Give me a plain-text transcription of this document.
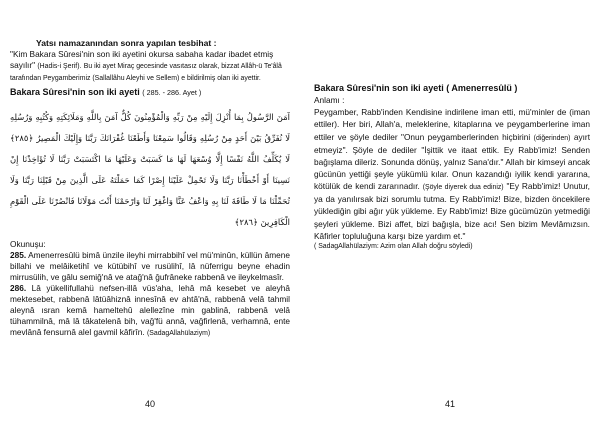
Yatsı namazanından sonra yapılan tesbihat :

"Kim Bakara Sûresi'nin son iki ayetini okursa sabaha kadar ibadet etmiş sayılır" (Hadis-i Şerif). Bu iki ayet Miraç gecesinde vasıtasız olarak, bizzat Allâh-ü Te'âlâ tarafından Peygamberimiz (Sallallâhu Aleyhi ve Sellem) e bildirilmiş olan iki ayettir.

Bakara Sûresi'nin son iki ayeti ( 285. - 286. Ayet )

آمَنَ الرَّسُولُ بِمَا أُنْزِلَ إِلَيْهِ مِنْ رَبِّهِ وَالْمُؤْمِنُونَ كُلٌّ آمَنَ بِاللَّهِ وَمَلَائِكَتِهِ وَكُتُبِهِ وَرُسُلِهِ لَا نُفَرِّقُ بَيْنَ أَحَدٍ مِنْ رُسُلِهِ وَقَالُوا سَمِعْنَا وَأَطَعْنَا غُفْرَانَكَ رَبَّنَا وَإِلَيْكَ الْمَصِيرُ ﴿٢٨٥﴾ لَا يُكَلِّفُ اللَّهُ نَفْسًا إِلَّا وُسْعَهَا لَهَا مَا كَسَبَتْ وَعَلَيْهَا مَا اكْتَسَبَتْ رَبَّنَا لَا تُؤَاخِذْنَا إِنْ نَسِينَا أَوْ أَخْطَأْنَا رَبَّنَا وَلَا تَحْمِلْ عَلَيْنَا إِصْرًا كَمَا حَمَلْتَهُ عَلَى الَّذِينَ مِنْ قَبْلِنَا رَبَّنَا وَلَا تُحَمِّلْنَا مَا لَا طَاقَةَ لَنَا بِهِ وَاعْفُ عَنَّا وَاغْفِرْ لَنَا وَارْحَمْنَا أَنْتَ مَوْلَانَا فَانْصُرْنَا عَلَى الْقَوْمِ الْكَافِرِينَ ﴿٢٨٦﴾

Okunuşu:

285. Amenerresûlü bimâ ünzile ileyhi mirrabbihî vel mü'minûn, küllün âmene billahi ve melâiketihî ve kütübihî ve rusülihî, lâ nüferrigu beyne ehadin mirrusülih, ve gâlu semiğ'nâ ve atağ'nâ ğufrâneke rabbenâ ve ileykelmasîr.

286. Lâ yükellifullahü nefsen-illâ vüs'aha, lehâ mâ kesebet ve aleyhâ mektesebet, rabbenâ lâtüâhiznâ innesînâ ev ahtâ'nâ, rabbenâ velâ tahmil aleynâ ısran kemâ hameltehû alellezîne min gablinâ, rabbenâ velâ tühammilnâ, mâ lâ tâkatelenâ bih, vağ'fü annâ, vağfirlenâ, verhamnâ, ente mevlânâ fensurnâ alel gavmil kâfirîn. (SadagAllahülaziym)

40

Bakara Sûresi'nin son iki ayeti ( Amenerresûlü )

Anlamı :

Peygamber, Rabb'inden Kendisine indirilene iman etti, mü'minler de (iman ettiler). Her biri, Allah'a, meleklerine, kitaplarına ve peygamberlerine iman ettiler ve şöyle dediler "Onun peygamberlerinden hiçbirini (diğerinden) ayırt etmeyiz". Şöyle de dediler "İşittik ve itaat ettik. Ey Rabb'imiz! Senden bağışlama dileriz. Sonunda dönüş, yalnız Sana'dır." Allah bir kimseyi ancak gücünün yettiği şeyle yükümlü kılar. Onun kazandığı iyilik kendi yararına, kötülük de kendi zararınadır. (Şöyle diyerek dua ediniz) "Ey Rabb'imiz! Unutur, ya da yanılırsak bizi sorumlu tutma. Ey Rabb'imiz! Bize, bizden öncekilere yüklediğin gibi ağır yük yükleme. Ey Rabb'imiz! Bize gücümüzün yetmediği şeyleri yükleme. Bizi affet, bizi bağışla, bize acı! Sen bizim Mevlâmızsın. Kâfirler topluluğuna karşı bize yardım et."

( SadagAllahülaziym: Azim olan Allah doğru söyledi)

41
